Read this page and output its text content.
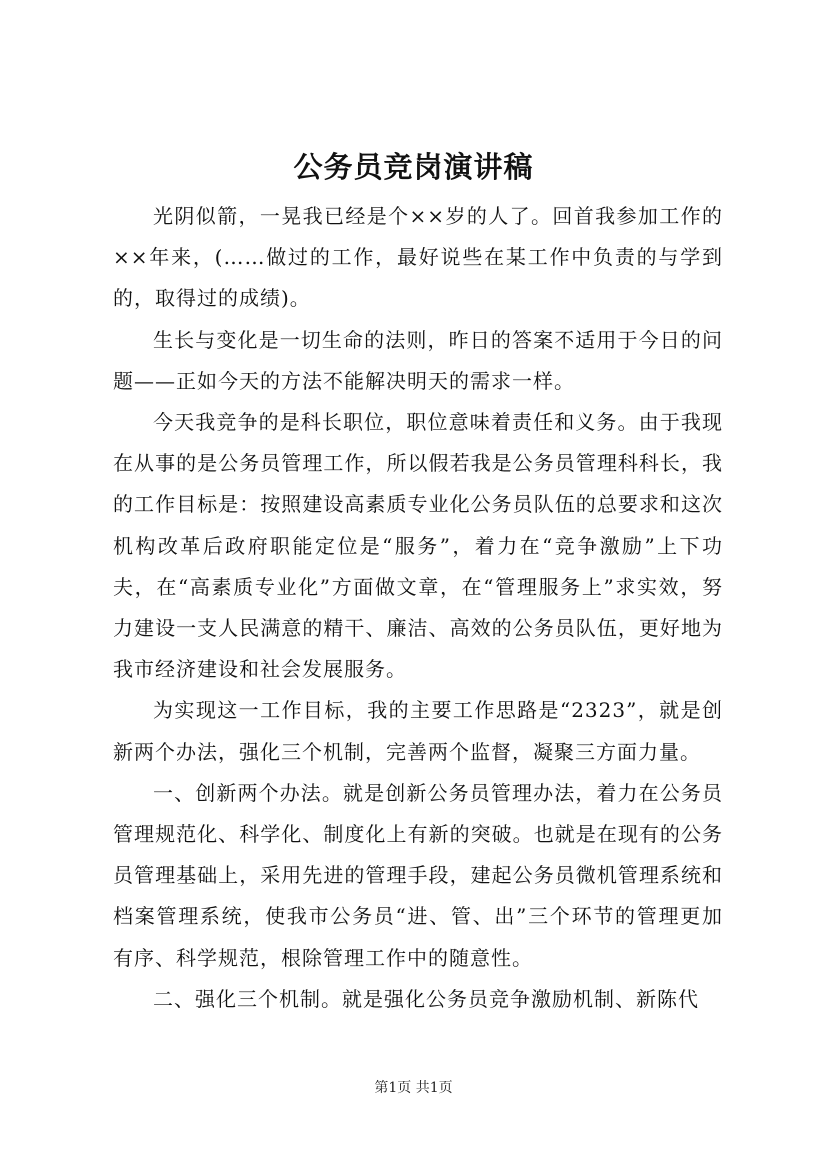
公务员竞岗演讲稿

光阴似箭，一晃我已经是个××岁的人了。回首我参加工作的××年来，(……做过的工作，最好说些在某工作中负责的与学到的，取得过的成绩)。

生长与变化是一切生命的法则，昨日的答案不适用于今日的问题——正如今天的方法不能解决明天的需求一样。

今天我竞争的是科长职位，职位意味着责任和义务。由于我现在从事的是公务员管理工作，所以假若我是公务员管理科科长，我的工作目标是：按照建设高素质专业化公务员队伍的总要求和这次机构改革后政府职能定位是“服务”，着力在“竞争激励”上下功夫，在“高素质专业化”方面做文章，在“管理服务上”求实效，努力建设一支人民满意的精干、廉洁、高效的公务员队伍，更好地为我市经济建设和社会发展服务。

为实现这一工作目标，我的主要工作思路是“2323”，就是创新两个办法，强化三个机制，完善两个监督，凝聚三方面力量。

一、创新两个办法。就是创新公务员管理办法，着力在公务员管理规范化、科学化、制度化上有新的突破。也就是在现有的公务员管理基础上，采用先进的管理手段，建起公务员微机管理系统和档案管理系统，使我市公务员“进、管、出”三个环节的管理更加有序、科学规范，根除管理工作中的随意性。

二、强化三个机制。就是强化公务员竞争激励机制、新陈代

第1页 共1页
